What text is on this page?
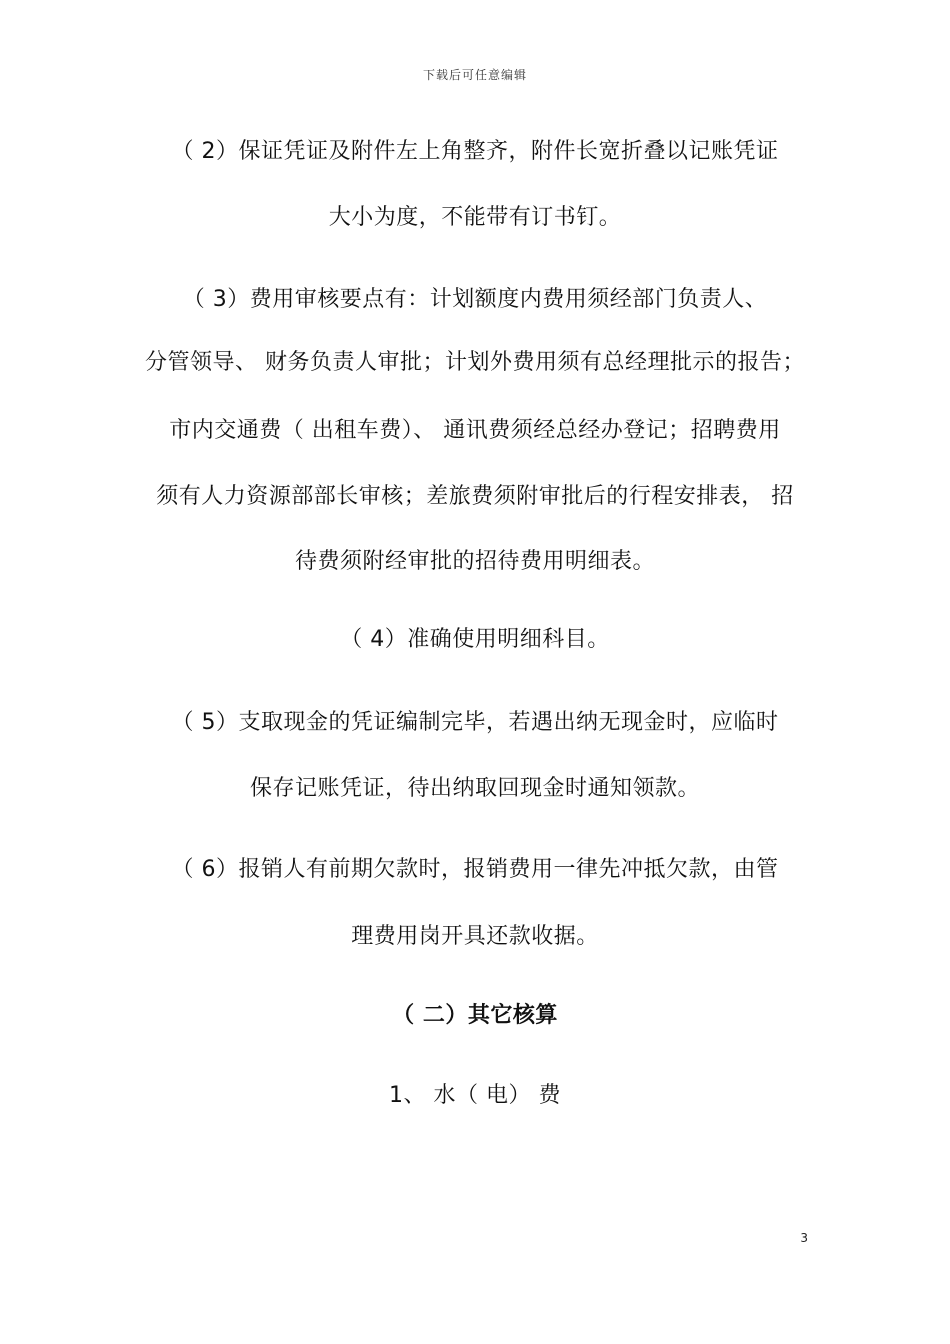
下载后可任意编辑
（ 2）保证凭证及附件左上角整齐，附件长宽折叠以记账凭证
大小为度，不能带有订书钉。
（ 3）费用审核要点有：计划额度内费用须经部门负责人、
分管领导、 财务负责人审批；计划外费用须有总经理批示的报告；
市内交通费（ 出租车费）、 通讯费须经总经办登记；招聘费用
须有人力资源部部长审核；差旅费须附审批后的行程安排表， 招
待费须附经审批的招待费用明细表。
（ 4）准确使用明细科目。
（ 5）支取现金的凭证编制完毕，若遇出纳无现金时，应临时
保存记账凭证，待出纳取回现金时通知领款。
（ 6）报销人有前期欠款时，报销费用一律先冲抵欠款，由管
理费用岗开具还款收据。
（ 二）其它核算
1、 水（ 电） 费
3
